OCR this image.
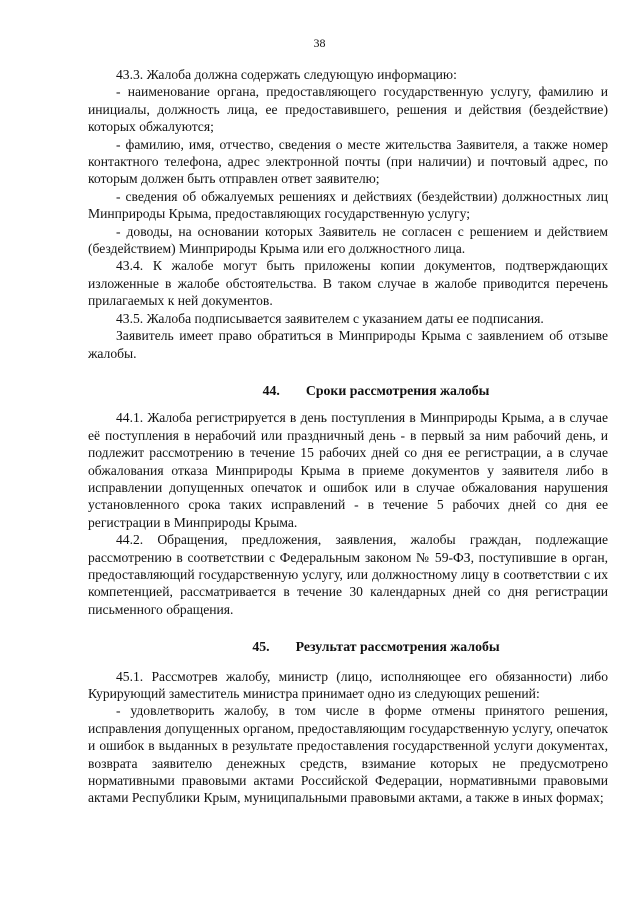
38

43.3. Жалоба должна содержать следующую информацию:

- наименование органа, предоставляющего государственную услугу, фамилию и инициалы, должность лица, ее предоставившего, решения и действия (бездействие) которых обжалуются;

- фамилию, имя, отчество, сведения о месте жительства Заявителя, а также номер контактного телефона, адрес электронной почты (при наличии) и почтовый адрес, по которым должен быть отправлен ответ заявителю;

- сведения об обжалуемых решениях и действиях (бездействии) должностных лиц Минприроды Крыма, предоставляющих государственную услугу;

- доводы, на основании которых Заявитель не согласен с решением и действием (бездействием) Минприроды Крыма или его должностного лица.

43.4. К жалобе могут быть приложены копии документов, подтверждающих изложенные в жалобе обстоятельства. В таком случае в жалобе приводится перечень прилагаемых к ней документов.

43.5. Жалоба подписывается заявителем с указанием даты ее подписания.

Заявитель имеет право обратиться в Минприроды Крыма с заявлением об отзыве жалобы.

44. Сроки рассмотрения жалобы

44.1. Жалоба регистрируется в день поступления в Минприроды Крыма, а в случае её поступления в нерабочий или праздничный день - в первый за ним рабочий день, и подлежит рассмотрению в течение 15 рабочих дней со дня ее регистрации, а в случае обжалования отказа Минприроды Крыма в приеме документов у заявителя либо в исправлении допущенных опечаток и ошибок или в случае обжалования нарушения установленного срока таких исправлений - в течение 5 рабочих дней со дня ее регистрации в Минприроды Крыма.

44.2. Обращения, предложения, заявления, жалобы граждан, подлежащие рассмотрению в соответствии с Федеральным законом № 59-ФЗ, поступившие в орган, предоставляющий государственную услугу, или должностному лицу в соответствии с их компетенцией, рассматривается в течение 30 календарных дней со дня регистрации письменного обращения.

45. Результат рассмотрения жалобы

45.1. Рассмотрев жалобу, министр (лицо, исполняющее его обязанности) либо Курирующий заместитель министра принимает одно из следующих решений:

- удовлетворить жалобу, в том числе в форме отмены принятого решения, исправления допущенных органом, предоставляющим государственную услугу, опечаток и ошибок в выданных в результате предоставления государственной услуги документах, возврата заявителю денежных средств, взимание которых не предусмотрено нормативными правовыми актами Российской Федерации, нормативными правовыми актами Республики Крым, муниципальными правовыми актами, а также в иных формах;
